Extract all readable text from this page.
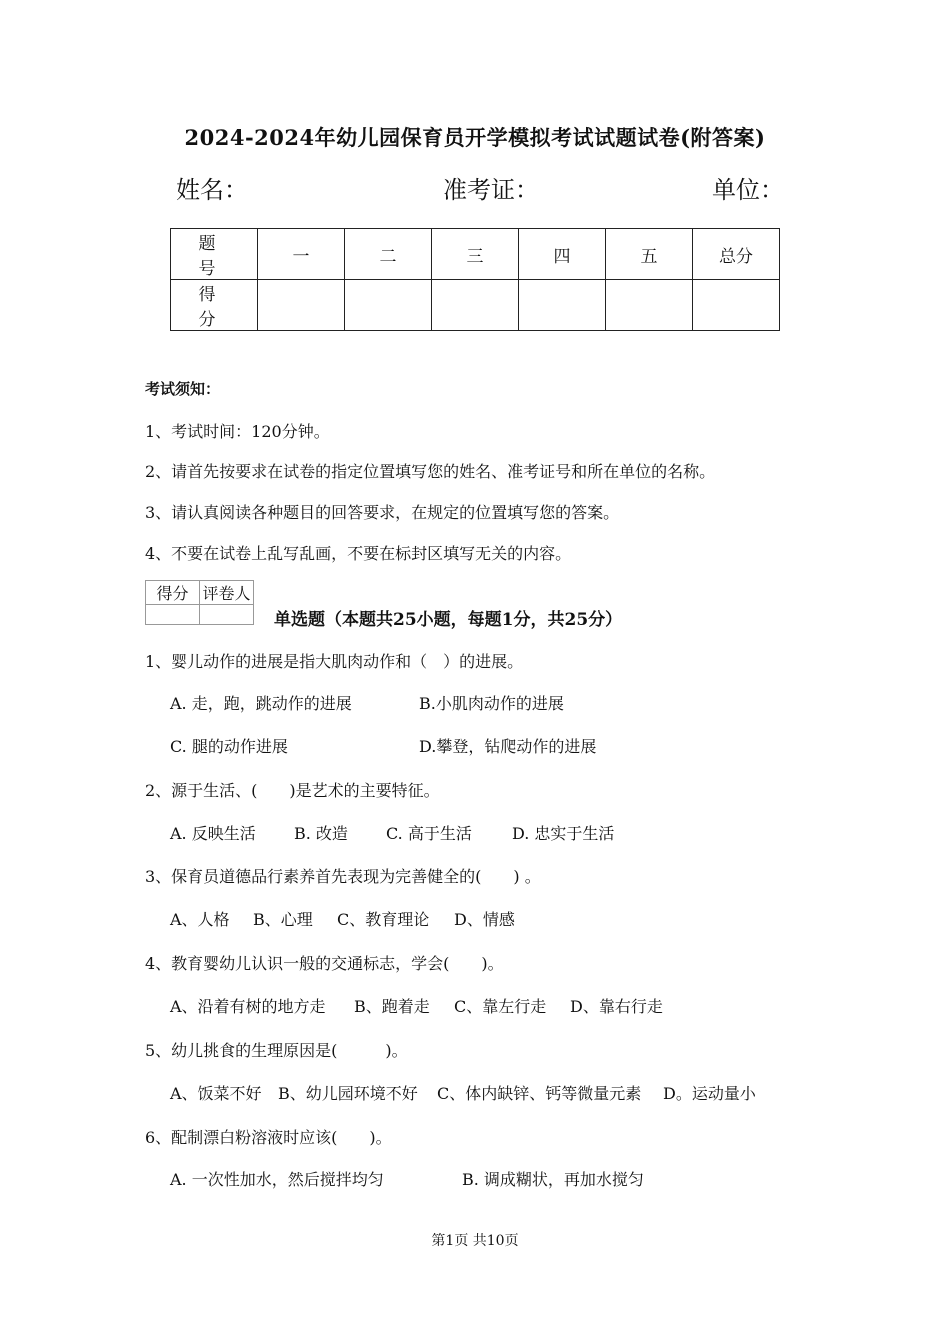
2024-2024年幼儿园保育员开学模拟考试试题试卷(附答案)
姓名：	准考证：	单位：
题　号	一	二	三	四	五	总分
得　分						
考试须知：
1、考试时间：120分钟。
2、请首先按要求在试卷的指定位置填写您的姓名、准考证号和所在单位的名称。
3、请认真阅读各种题目的回答要求，在规定的位置填写您的答案。
4、不要在试卷上乱写乱画，不要在标封区填写无关的内容。
得分	评卷人

单选题（本题共25小题，每题1分，共25分）
1、婴儿动作的进展是指大肌肉动作和（　）的进展。
A. 走，跑，跳动作的进展	B.小肌肉动作的进展
C. 腿的动作进展	D.攀登，钻爬动作的进展
2、源于生活、(　　)是艺术的主要特征。
A. 反映生活 B. 改造 C. 高于生活	D. 忠实于生活
3、保育员道德品行素养首先表现为完善健全的(　　) 。
A、人格 B、心理 C、教育理论 D、情感
4、教育婴幼儿认识一般的交通标志，学会(　　)。
A、沿着有树的地方走 B、跑着走 C、靠左行走 D、靠右行走
5、幼儿挑食的生理原因是(　　　)。
A、饭菜不好 B、幼儿园环境不好 C、体内缺锌、钙等微量元素 D。运动量小
6、配制漂白粉溶液时应该(　　)。
A. 一次性加水，然后搅拌均匀	B. 调成糊状，再加水搅匀
第1页 共10页
